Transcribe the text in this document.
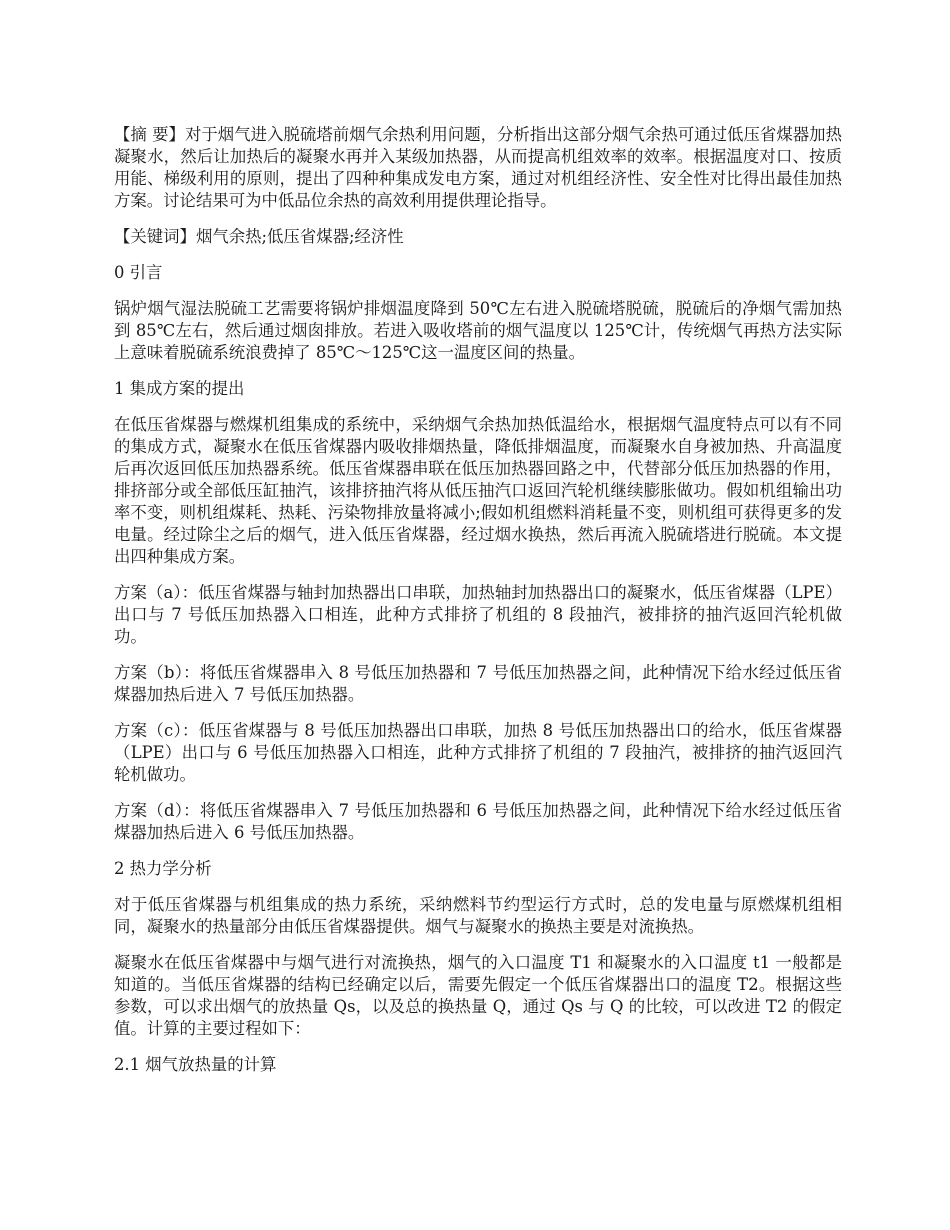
【摘 要】对于烟气进入脱硫塔前烟气余热利用问题，分析指出这部分烟气余热可通过低压省煤器加热凝聚水，然后让加热后的凝聚水再并入某级加热器，从而提高机组效率的效率。根据温度对口、按质用能、梯级利用的原则，提出了四种种集成发电方案，通过对机组经济性、安全性对比得出最佳加热方案。讨论结果可为中低品位余热的高效利用提供理论指导。

【关键词】烟气余热;低压省煤器;经济性

0 引言

锅炉烟气湿法脱硫工艺需要将锅炉排烟温度降到 50℃左右进入脱硫塔脱硫，脱硫后的净烟气需加热到 85℃左右，然后通过烟囱排放。若进入吸收塔前的烟气温度以 125℃计，传统烟气再热方法实际上意味着脱硫系统浪费掉了 85℃～125℃这一温度区间的热量。

1 集成方案的提出

在低压省煤器与燃煤机组集成的系统中，采纳烟气余热加热低温给水，根据烟气温度特点可以有不同的集成方式，凝聚水在低压省煤器内吸收排烟热量，降低排烟温度，而凝聚水自身被加热、升高温度后再次返回低压加热器系统。低压省煤器串联在低压加热器回路之中，代替部分低压加热器的作用，排挤部分或全部低压缸抽汽，该排挤抽汽将从低压抽汽口返回汽轮机继续膨胀做功。假如机组输出功率不变，则机组煤耗、热耗、污染物排放量将减小;假如机组燃料消耗量不变，则机组可获得更多的发电量。经过除尘之后的烟气，进入低压省煤器，经过烟水换热，然后再流入脱硫塔进行脱硫。本文提出四种集成方案。

方案（a）：低压省煤器与轴封加热器出口串联，加热轴封加热器出口的凝聚水，低压省煤器（LPE）出口与 7 号低压加热器入口相连，此种方式排挤了机组的 8 段抽汽，被排挤的抽汽返回汽轮机做功。

方案（b）：将低压省煤器串入 8 号低压加热器和 7 号低压加热器之间，此种情况下给水经过低压省煤器加热后进入 7 号低压加热器。

方案（c）：低压省煤器与 8 号低压加热器出口串联，加热 8 号低压加热器出口的给水，低压省煤器（LPE）出口与 6 号低压加热器入口相连，此种方式排挤了机组的 7 段抽汽，被排挤的抽汽返回汽轮机做功。

方案（d）：将低压省煤器串入 7 号低压加热器和 6 号低压加热器之间，此种情况下给水经过低压省煤器加热后进入 6 号低压加热器。

2 热力学分析

对于低压省煤器与机组集成的热力系统，采纳燃料节约型运行方式时，总的发电量与原燃煤机组相同，凝聚水的热量部分由低压省煤器提供。烟气与凝聚水的换热主要是对流换热。

凝聚水在低压省煤器中与烟气进行对流换热，烟气的入口温度 T1 和凝聚水的入口温度 t1 一般都是知道的。当低压省煤器的结构已经确定以后，需要先假定一个低压省煤器出口的温度 T2。根据这些参数，可以求出烟气的放热量 Qs，以及总的换热量 Q，通过 Qs 与 Q 的比较，可以改进 T2 的假定值。计算的主要过程如下：

2.1 烟气放热量的计算
